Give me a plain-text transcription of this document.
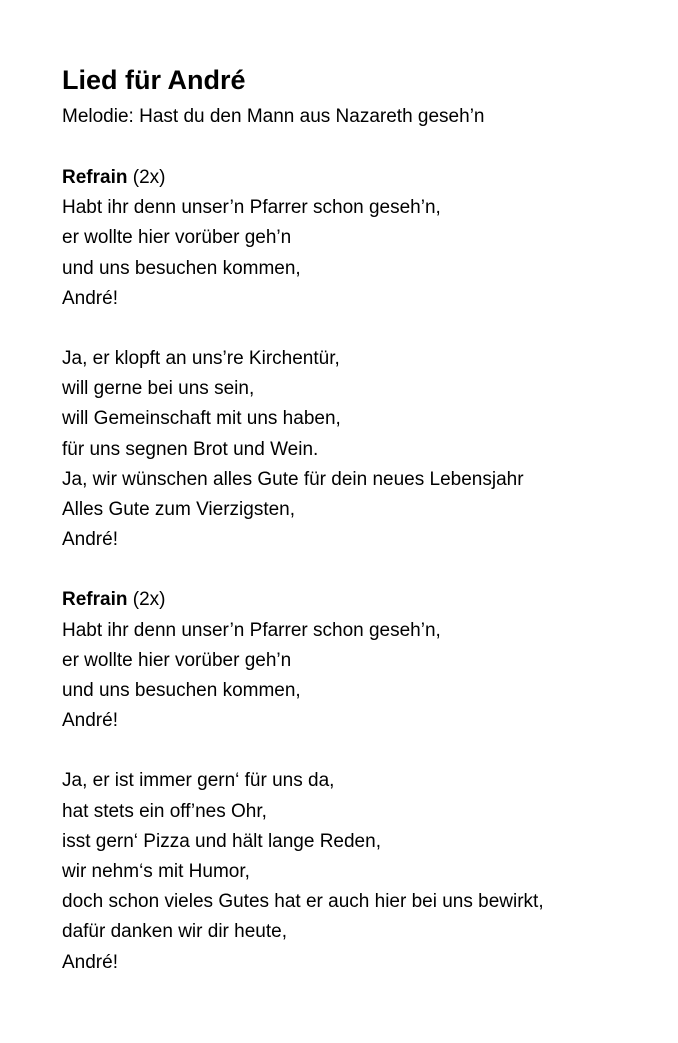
Lied für André

Melodie: Hast du den Mann aus Nazareth geseh’n

Refrain (2x)
Habt ihr denn unser’n Pfarrer schon geseh’n,
er wollte hier vorüber geh’n
und uns besuchen kommen,
André!
Ja, er klopft an uns’re Kirchentür,
will gerne bei uns sein,
will Gemeinschaft mit uns haben,
für uns segnen Brot und Wein.
Ja, wir wünschen alles Gute für dein neues Lebensjahr
Alles Gute zum Vierzigsten,
André!
Refrain (2x)
Habt ihr denn unser’n Pfarrer schon geseh’n,
er wollte hier vorüber geh’n
und uns besuchen kommen,
André!
Ja, er ist immer gern‘ für uns da,
hat stets ein off’nes Ohr,
isst gern‘ Pizza und hält lange Reden,
wir nehm‘s mit Humor,
doch schon vieles Gutes hat er auch hier bei uns bewirkt,
dafür danken wir dir heute,
André!
